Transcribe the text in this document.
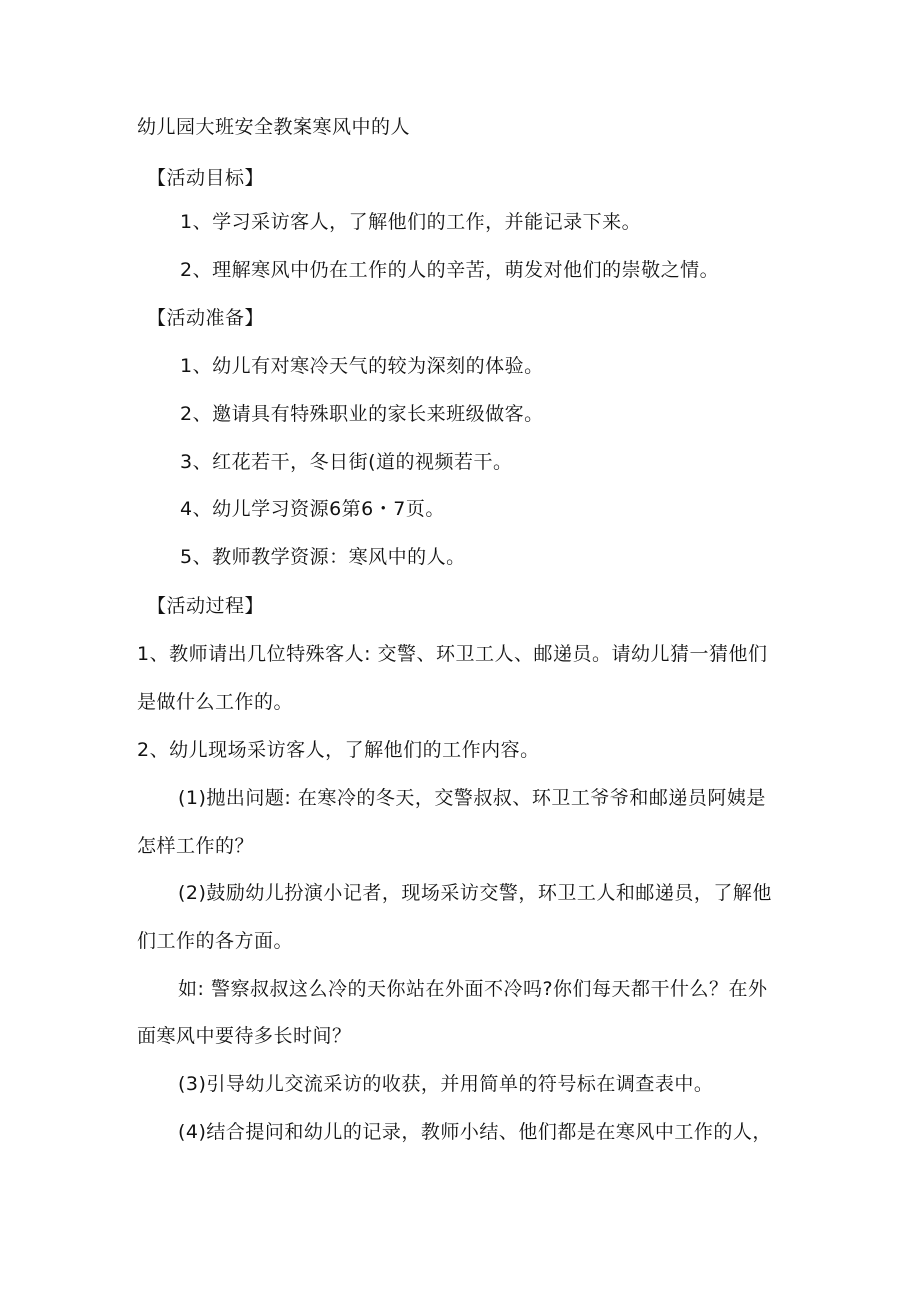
幼儿园大班安全教案寒风中的人
【活动目标】
1、学习采访客人，了解他们的工作，并能记录下来。
2、理解寒风中仍在工作的人的辛苦，萌发对他们的崇敬之情。
【活动准备】
1、幼儿有对寒冷天气的较为深刻的体验。
2、邀请具有特殊职业的家长来班级做客。
3、红花若干，冬日街(道的视频若干。
4、幼儿学习资源6第6・7页。
5、教师教学资源：寒风中的人。
【活动过程】
1、教师请出几位特殊客人: 交警、环卫工人、邮递员。请幼儿猜一猜他们
是做什么工作的。
2、幼儿现场采访客人，了解他们的工作内容。
(1)抛出问题: 在寒冷的冬天，交警叔叔、环卫工爷爷和邮递员阿姨是
怎样工作的？
(2)鼓励幼儿扮演小记者，现场采访交警，环卫工人和邮递员，了解他
们工作的各方面。
如: 警察叔叔这么冷的天你站在外面不冷吗?你们每天都干什么？在外
面寒风中要待多长时间？
(3)引导幼儿交流采访的收获，并用简单的符号标在调查表中。
(4)结合提问和幼儿的记录，教师小结、他们都是在寒风中工作的人，
